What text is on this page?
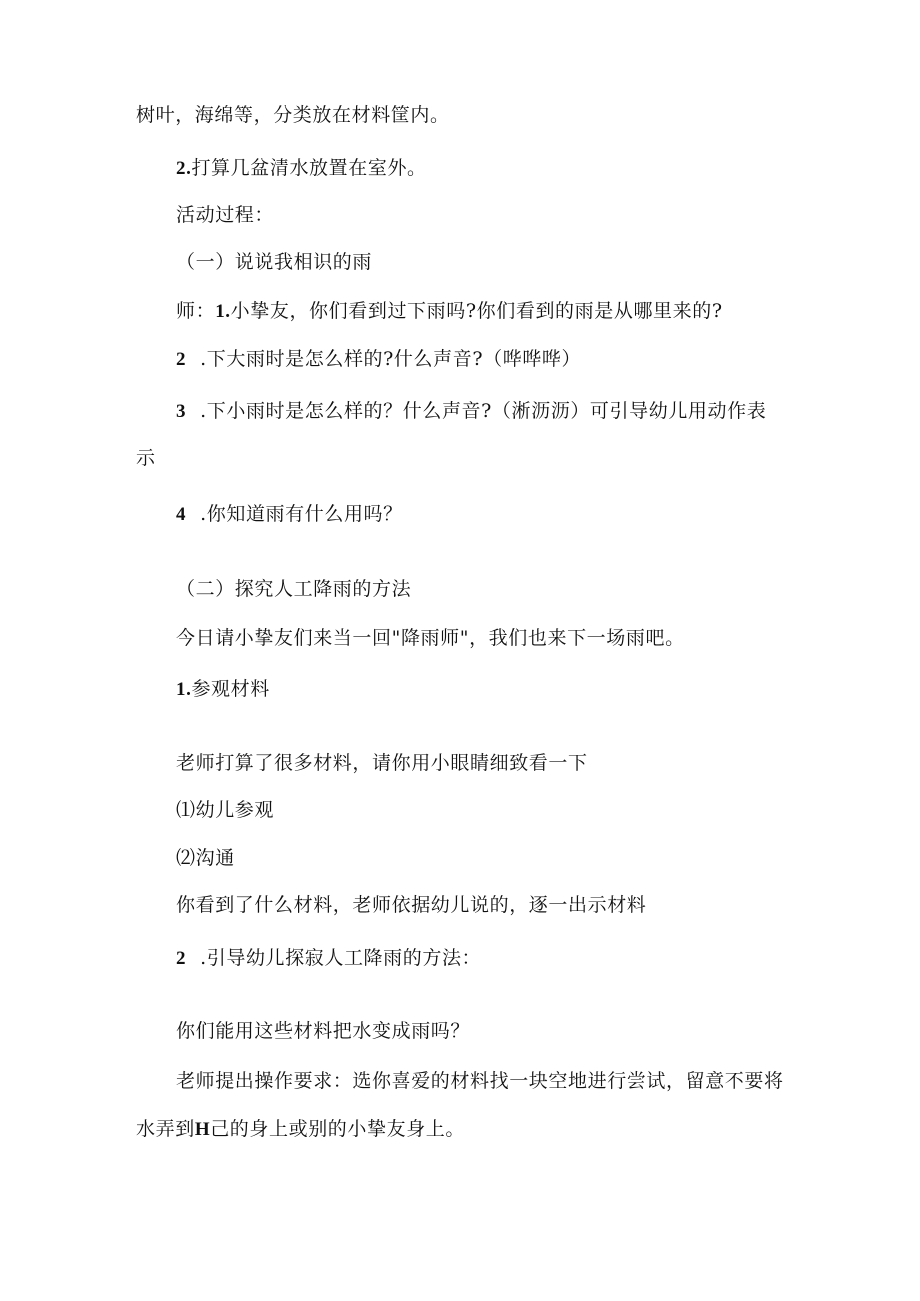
树叶，海绵等，分类放在材料筐内。
2.打算几盆清水放置在室外。
活动过程：
（一）说说我相识的雨
师：1.小挚友，你们看到过下雨吗?你们看到的雨是从哪里来的?
2 .下大雨时是怎么样的?什么声音?（哗哗哗）
3 .下小雨时是怎么样的？什么声音?（淅沥沥）可引导幼儿用动作表
示
4 .你知道雨有什么用吗？
（二）探究人工降雨的方法
今日请小挚友们来当一回"降雨师"，我们也来下一场雨吧。
1.参观材料
老师打算了很多材料，请你用小眼睛细致看一下
⑴幼儿参观
⑵沟通
你看到了什么材料，老师依据幼儿说的，逐一出示材料
2 .引导幼儿探寂人工降雨的方法：
你们能用这些材料把水变成雨吗？
老师提出操作要求：选你喜爱的材料找一块空地进行尝试，留意不要将
水弄到H己的身上或别的小挚友身上。
